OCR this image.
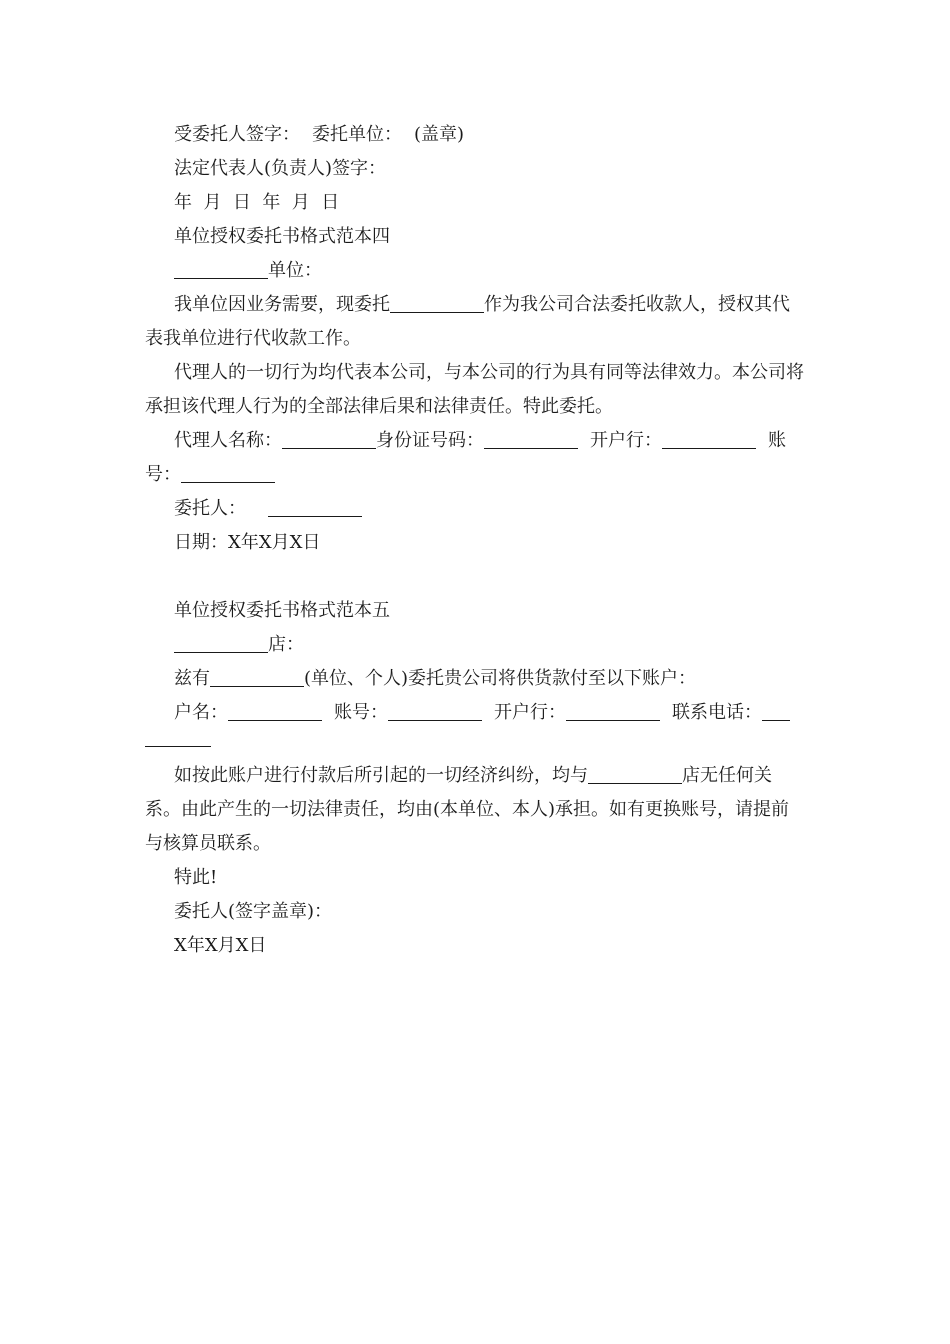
受委托人签字： 委托单位： (盖章)

法定代表人(负责人)签字：

年  月  日  年  月  日

单位授权委托书格式范本四

单位：

我单位因业务需要，现委托	作为我公司合法委托收款人，授权其代表我单位进行代收款工作。

代理人的一切行为均代表本公司，与本公司的行为具有同等法律效力。本公司将承担该代理人行为的全部法律后果和法律责任。特此委托。

代理人名称：	身份证号码：	开户行：	账号：

委托人：

日期：X年X月X日

单位授权委托书格式范本五

店：

兹有	(单位、个人)委托贵公司将供货款付至以下账户：

户名：	账号：	开户行：	联系电话：

如按此账户进行付款后所引起的一切经济纠纷，均与	店无任何关系。由此产生的一切法律责任，均由(本单位、本人)承担。如有更换账号，请提前与核算员联系。

特此!

委托人(签字盖章)：

X年X月X日
